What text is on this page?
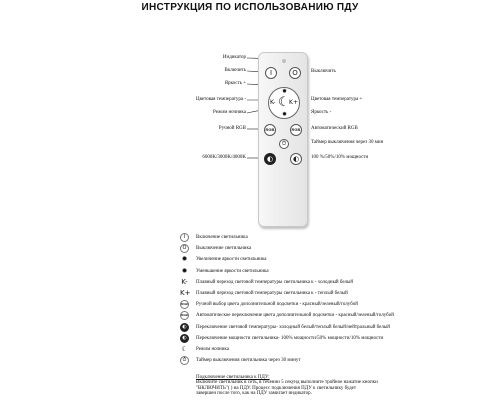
ИНСТРУКЦИЯ ПО ИСПОЛЬЗОВАНИЮ ПДУ
I	O
✹
K- ☾ K+
✹
RGB	RGB
⏱
◐	◐
Индикатор
Включить	Выключить
Яркость +
Цветовая температура -	Цветовая температура +
Режим ночника	Яркость -
Ручной RGB	Автоматический RGB
Таймер выключения через 30 мин
6000K/3000K/4000K	100 %/50%/10% мощности
I	Включение светильника
O	Выключение светильника
✹	Увеличение яркости светильника
✹	Уменьшение яркости светильника
K- Плавный переход световой температуры светильника к - холодный белый
K+ Плавный переход световой температуры светильника к - теплый белый
RGB Ручной выбор цвета дополнительной подсветки - красный/зеленый/голубой
RGB Автоматическое переключение цвета дополнительной подсветки - красный/зеленый/голубой
◐	Переключение световой температуры- холодный белый/теплый белый/нейтральный белый
◐	Переключение мощности светильника- 100% мощности/50% мощности/10% мощности
☾ Режим ночника
⏱	Таймер выключения светильника через 30 минут
Подключение светильника к ПДУ:
Включите светильник в сеть, в течении 5 секунд выполните тройное нажатие кнопки
"ВКЛЮЧИТЬ"( ) на ПДУ. Процесс подключения ПДУ к светильнику будет
завершен после того, как на ПДУ замигает индикатор.
